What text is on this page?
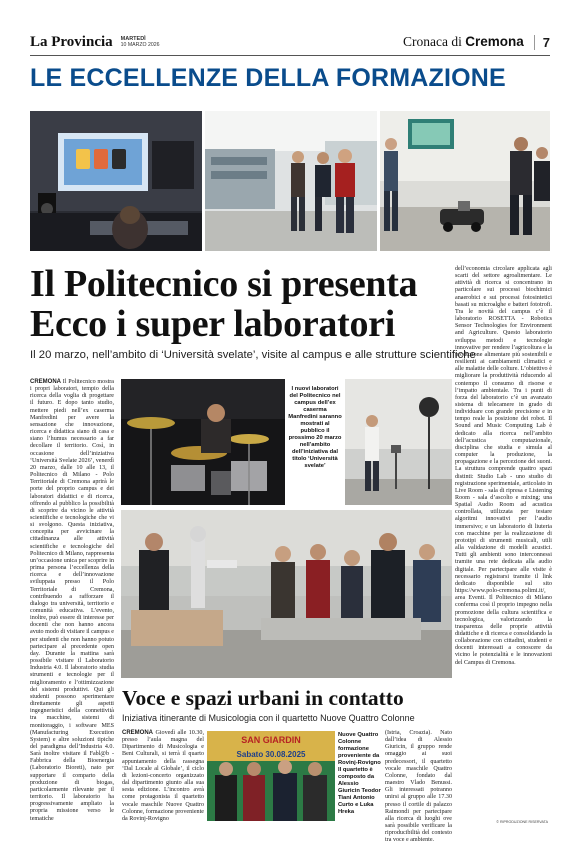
La Provincia MARTEDÌ
10 MARZO 2026	Cronaca di Cremona	7
LE ECCELLENZE DELLA FORMAZIONE
Il Politecnico si presenta
Ecco i super laboratori
Il 20 marzo, nell’ambito di ‘Università svelate’, visite al campus e alle strutture scientifiche
dell’economia circolare applicata agli scarti del settore agroalimentare. Le attività di ricerca si concentrano in particolare sui processi biochimici anaerobici e sui processi fotosintetici basati su microalghe e batteri fototrofi. Tra le novità del campus c’è il laboratorio ROSETTA - Robotics Sensor Technologies for Environment and Agriculture. Questo laboratorio sviluppa metodi e tecnologie innovative per rendere l’agricoltura e la produzione alimentare più sostenibili e resilienti ai cambiamenti climatici e alle malattie delle colture. L’obiettivo è migliorare la produttività riducendo al contempo il consumo di risorse e l’impatto ambientale. Tra i punti di forza del laboratorio c’è un avanzato sistema di telecamere in grado di individuare con grande precisione e in tempo reale la posizione dei robot. Il Sound and Music Computing Lab è dedicato alla ricerca nell’ambito dell’acustica computazionale, disciplina che studia e simula al computer la produzione, la propagazione e la percezione dei suoni. La struttura comprende quattro spazi distinti: Studio Lab - uno studio di registrazione sperimentale, articolato in Live Room - sala di ripresa e Listening Room - sala d’ascolto e mixing; una Spatial Audio Room ad acustica controllata, utilizzata per testare algoritmi innovativi per l’audio immersivo; e un laboratorio di liuteria con macchine per la realizzazione di prototipi di strumenti musicali, utili alla validazione di modelli acustici. Tutti gli ambienti sono interconnessi tramite una rete dedicata alla audio digitale. Per partecipare alle visite è necessario registrarsi tramite il link dedicato disponibile sul sito https://www.polo-cremona.polimi.it/, area Eventi. Il Politecnico di Milano conferma così il proprio impegno nella promozione della cultura scientifica e tecnologica, valorizzando la trasparenza delle proprie attività didattiche e di ricerca e consolidando la collaborazione con cittadini, studenti e docenti interessati a conoscere da vicino le potenzialità e le innovazioni del Campus di Cremona.
CREMONA Il Politecnico mostra i propri laboratori, tempio della ricerca della voglia di progettare il futuro. E dopo tanto studio, mettere piedi nell’ex caserma Manfredini per avere la sensazione che innovazione, ricerca e didattica siano di casa e siano l’humus necessario a far decollare il territorio. Così, in occasione dell’iniziativa ‘Università Svelate 2026’, venerdì 20 marzo, dalle 10 alle 13, il Politecnico di Milano - Polo Territoriale di Cremona aprirà le porte del proprio campus e dei laboratori didattici e di ricerca, offrendo al pubblico la possibilità di scoprire da vicino le attività scientifiche e tecnologiche che vi si svolgono. Questa iniziativa, concepita per avvicinare la cittadinanza alle attività scientifiche e tecnologiche del Politecnico di Milano, rappresenta un’occasione unica per scoprire in prima persona l’eccellenza della ricerca e dell’innovazione sviluppata presso il Polo Territoriale di Cremona, contribuendo a rafforzare il dialogo tra università, territorio e comunità educativa. L’evento, inoltre, può essere di interesse per docenti che non hanno ancora avuto modo di visitare il campus e per studenti che non hanno potuto partecipare al precedente open day. Durante la mattina sarà possibile visitare il Laboratorio Industria 4.0. Il laboratorio studia strumenti e tecnologie per il miglioramento e l’ottimizzazione dei sistemi produttivi. Qui gli studenti possono sperimentare direttamente gli aspetti ingegneristici della connettività tra macchine, sistemi di monitoraggio, i software MES (Manufacturing Execution System) e altre soluzioni tipiche del paradigma dell’Industria 4.0. Sarà inoltre visitare il Fabl@b - Fabbrica della Bioenergia (Laboratorio Bioreti), nato per supportare il comparto della produzione di biogas, particolarmente rilevante per il territorio. Il laboratorio ha progressivamente ampliato la propria missione verso le tematiche
I nuovi laboratori del Politecnico nel campus dell’ex caserma Manfredini saranno mostrati al pubblico il prossimo 20 marzo nell’ambito dell’iniziativa dal titolo ‘Università svelate’
Voce e spazi urbani in contatto
Iniziativa itinerante di Musicologia con il quartetto Nuove Quattro Colonne
CREMONA Giovedì alle 10.30, presso l’aula magna del Dipartimento di Musicologia e Beni Culturali, si terrà il quarto appuntamento della rassegna ‘Dal Locale al Globale’, il ciclo di lezioni-concerto organizzato dal dipartimento giunto alla sua sesta edizione. L’incontro avrà come protagonista il quartetto vocale maschile Nuove Quattro Colonne, formazione proveniente da Rovinj-Rovigno
SAN GIARDIN
Sabato 30.08.2025
Nuove Quattro Colonne formazione proveniente da Rovinj-Rovigno Il quartetto è composto da Alessio Giuricin Teodor Tiani Antonio Curto e Luka Hreka
(Istria, Croazia). Nato dall’idea di Alessio Giuricin, il gruppo rende omaggio ai suoi predecessori, il quartetto vocale maschile Quattro Colonne, fondato dal maestro Vlado Benussi. Gli interessati potranno unirsi al gruppo alle 17.30 presso il cortile di palazzo Raimondi per partecipare alla ricerca di luoghi ove sarà possibile verificare la riproducibilità del contesto tra voce e ambiente.
© RIPRODUZIONE RISERVATA
